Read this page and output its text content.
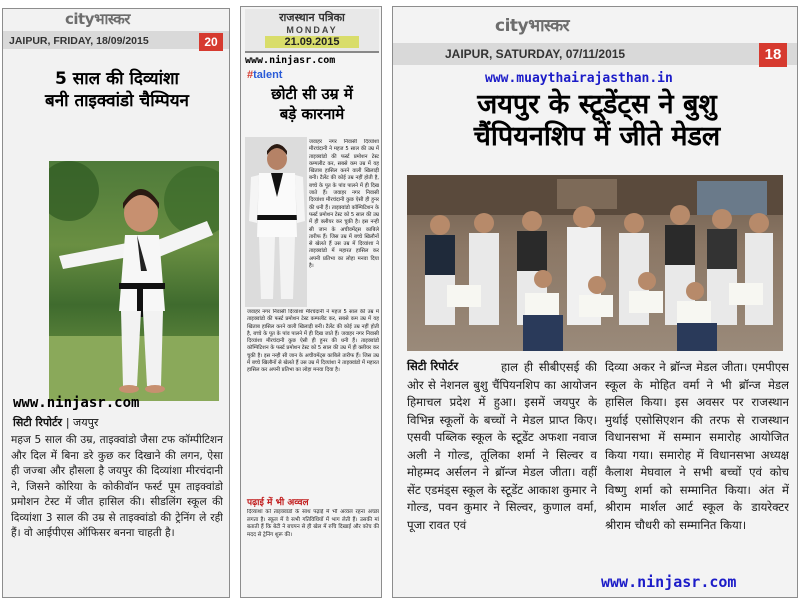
cityभास्कर
JAIPUR, FRIDAY, 18/09/2015	20
5 साल की दिव्यांशा
बनी ताइक्वांडो चैम्पियन
www.ninjasr.com
सिटी रिपोर्टर | जयपुर
महज 5 साल की उम्र, ताइक्वांडो जैसा टफ कॉम्पीटिशन और दिल में बिना डरे कुछ कर दिखाने की लगन, ऐसा ही जज्बा और हौसला है जयपुर की दिव्यांशा मीरचंदानी ने, जिसने कोरिया के कोकीवॉन फर्स्ट पूम ताइक्वांडो प्रमोशन टेस्ट में जीत हासिल की। सीडलिंग स्कूल की दिव्यांशा 3 साल की उम्र से ताइक्वांडो की ट्रेनिंग ले रही हैं। वो आईपीएस ऑफिसर बनना चाहती है।
राजस्थान पत्रिका
MONDAY
21.09.2015
www.ninjasr.com
#talent
छोटी सी उम्र में
बड़े कारनामे
जवाहर नगर निवासी दिव्यांशा मीरचंदानी ने महज 5 साल की उम्र में ताइक्वांडो की फर्स्ट प्रमोशन टेस्ट कम्पलीट कर, सबसे कम उम्र में यह खिताब हासिल करने वाली खिलाड़ी बनी। टैलेंट की कोई उम्र नहीं होती है, बच्चे के पूत के पांव पालने में ही दिख जाते हैं। जवाहर नगर निवासी दिव्यांशा मीरचंदानी कुछ ऐसी ही हुनर की धनी हैं। ताइक्वांडो कॉम्पिटिशन के फर्स्ट प्रमोशन टेस्ट को 5 साल की उम्र में ही क्लीयर कर चुकी है। इस नन्ही सी जान के अचीवमेंट्स काबिले तारीफ हैं। जिस उम्र में बच्चे खिलौनों से खेलते हैं उस उम्र में दिव्यांशा ने ताइक्वांडो में महारत हासिल कर अपनी प्रतिभा का लोहा मनवा दिया है।
जवाहर नगर निवासी दिव्यांशा मीरचंदानी ने महज 5 साल की उम्र में ताइक्वांडो की फर्स्ट प्रमोशन टेस्ट कम्पलीट कर, सबसे कम उम्र में यह खिताब हासिल करने वाली खिलाड़ी बनी। टैलेंट की कोई उम्र नहीं होती है, बच्चे के पूत के पांव पालने में ही दिख जाते हैं। जवाहर नगर निवासी दिव्यांशा मीरचंदानी कुछ ऐसी ही हुनर की धनी हैं। ताइक्वांडो कॉम्पिटिशन के फर्स्ट प्रमोशन टेस्ट को 5 साल की उम्र में ही क्लीयर कर चुकी है। इस नन्ही सी जान के अचीवमेंट्स काबिले तारीफ हैं। जिस उम्र में बच्चे खिलौनों से खेलते हैं उस उम्र में दिव्यांशा ने ताइक्वांडो में महारत हासिल कर अपनी प्रतिभा का लोहा मनवा दिया है।
पढ़ाई में भी अव्वल
दिव्यांशा को ताइक्वांडो के साथ पढ़ाई में भी अव्वल रहना अच्छा लगता है। स्कूल में वे सभी गतिविधियों में भाग लेती हैं। उसकी मां बताती हैं कि बेटी ने बचपन से ही खेल में रुचि दिखाई और कोच की मदद से ट्रेनिंग शुरू की।
cityभास्कर
JAIPUR, SATURDAY, 07/11/2015	18
www.muaythairajasthan.in
जयपुर के स्टूडेंट्स ने बुशु
चैंपियनशिप में जीते मेडल
सिटी रिपोर्टर	हाल ही सीबीएसई की ओर से नेशनल बुशु चैंपियनशिप का आयोजन हिमाचल प्रदेश में हुआ। इसमें जयपुर के विभिन्न स्कूलों के बच्चों ने मेडल प्राप्त किए। एसवी पब्लिक स्कूल के स्टूडेंट अफशा नवाज अली ने गोल्ड, तूलिका शर्मा ने सिल्वर व मोहम्मद अर्सलन ने ब्रॉन्ज मेडल जीता। वहीं सेंट एडमंड्स स्कूल के स्टूडेंट आकाश कुमार ने गोल्ड, पवन कुमार ने सिल्वर, कुणाल वर्मा, पूजा रावत एवं
दिव्या अकर ने ब्रॉन्ज मेडल जीता। एमपीएस स्कूल के मोहित वर्मा ने भी ब्रॉन्ज मेडल हासिल किया। इस अवसर पर राजस्थान मुर्थाई एसोसिएशन की तरफ से राजस्थान विधानसभा में सम्मान समारोह आयोजित किया गया। समारोह में विधानसभा अध्यक्ष कैलाश मेघवाल ने सभी बच्चों एवं कोच विष्णु शर्मा को सम्मानित किया। अंत में श्रीराम मार्शल आर्ट स्कूल के डायरेक्टर श्रीराम चौधरी को सम्मानित किया।
www.ninjasr.com
